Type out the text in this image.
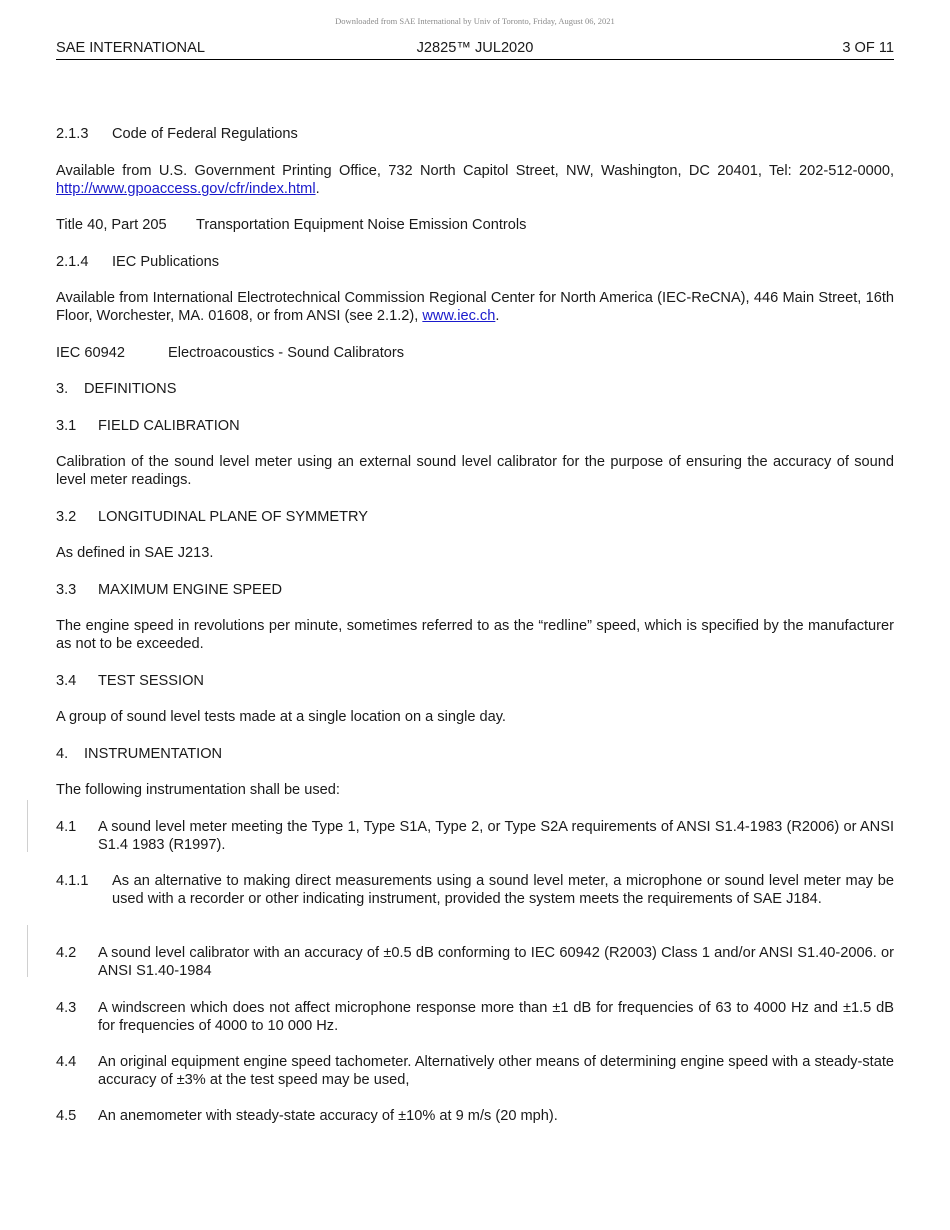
Downloaded from SAE International by Univ of Toronto, Friday, August 06, 2021
SAE INTERNATIONAL	J2825™ JUL2020	3 OF 11
2.1.3 Code of Federal Regulations
Available from U.S. Government Printing Office, 732 North Capitol Street, NW, Washington, DC 20401, Tel: 202-512-0000, http://www.gpoaccess.gov/cfr/index.html.
Title 40, Part 205 Transportation Equipment Noise Emission Controls
2.1.4 IEC Publications
Available from International Electrotechnical Commission Regional Center for North America (IEC-ReCNA), 446 Main Street, 16th Floor, Worchester, MA. 01608, or from ANSI (see 2.1.2), www.iec.ch.
IEC 60942	Electroacoustics - Sound Calibrators
3. DEFINITIONS
3.1 FIELD CALIBRATION
Calibration of the sound level meter using an external sound level calibrator for the purpose of ensuring the accuracy of sound level meter readings.
3.2 LONGITUDINAL PLANE OF SYMMETRY
As defined in SAE J213.
3.3 MAXIMUM ENGINE SPEED
The engine speed in revolutions per minute, sometimes referred to as the “redline” speed, which is specified by the manufacturer as not to be exceeded.
3.4 TEST SESSION
A group of sound level tests made at a single location on a single day.
4. INSTRUMENTATION
The following instrumentation shall be used:
4.1 A sound level meter meeting the Type 1, Type S1A, Type 2, or Type S2A requirements of ANSI S1.4-1983 (R2006) or ANSI S1.4 1983 (R1997).
4.1.1 As an alternative to making direct measurements using a sound level meter, a microphone or sound level meter may be used with a recorder or other indicating instrument, provided the system meets the requirements of SAE J184.
4.2 A sound level calibrator with an accuracy of ±0.5 dB conforming to IEC 60942 (R2003) Class 1 and/or ANSI S1.40-2006. or ANSI S1.40-1984
4.3 A windscreen which does not affect microphone response more than ±1 dB for frequencies of 63 to 4000 Hz and ±1.5 dB for frequencies of 4000 to 10 000 Hz.
4.4 An original equipment engine speed tachometer. Alternatively other means of determining engine speed with a steady-state accuracy of ±3% at the test speed may be used,
4.5 An anemometer with steady-state accuracy of ±10% at 9 m/s (20 mph).
